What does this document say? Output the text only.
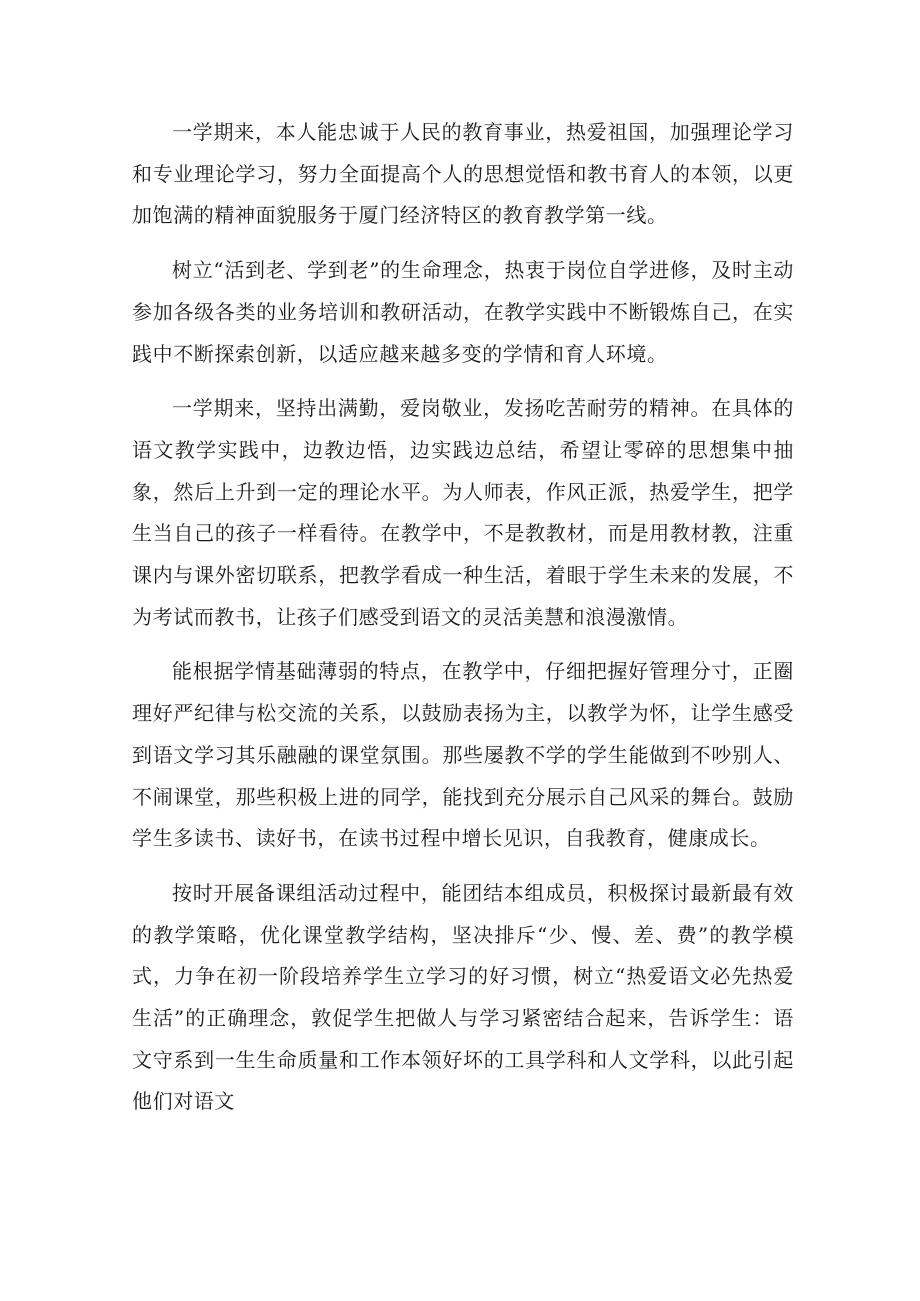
一学期来，本人能忠诚于人民的教育事业，热爱祖国，加强理论学习和专业理论学习，努力全面提高个人的思想觉悟和教书育人的本领，以更加饱满的精神面貌服务于厦门经济特区的教育教学第一线。

树立“活到老、学到老”的生命理念，热衷于岗位自学进修，及时主动参加各级各类的业务培训和教研活动，在教学实践中不断锻炼自己，在实践中不断探索创新，以适应越来越多变的学情和育人环境。

一学期来，坚持出满勤，爱岗敬业，发扬吃苦耐劳的精神。在具体的语文教学实践中，边教边悟，边实践边总结，希望让零碎的思想集中抽象，然后上升到一定的理论水平。为人师表，作风正派，热爱学生，把学生当自己的孩子一样看待。在教学中，不是教教材，而是用教材教，注重课内与课外密切联系，把教学看成一种生活，着眼于学生未来的发展，不为考试而教书，让孩子们感受到语文的灵活美慧和浪漫激情。

能根据学情基础薄弱的特点，在教学中，仔细把握好管理分寸，正圈理好严纪律与松交流的关系，以鼓励表扬为主，以教学为怀，让学生感受到语文学习其乐融融的课堂氛围。那些屡教不学的学生能做到不吵别人、不闹课堂，那些积极上进的同学，能找到充分展示自己风采的舞台。鼓励学生多读书、读好书，在读书过程中增长见识，自我教育，健康成长。

按时开展备课组活动过程中，能团结本组成员，积极探讨最新最有效的教学策略，优化课堂教学结构，坚决排斥“少、慢、差、费”的教学模式，力争在初一阶段培养学生立学习的好习惯，树立“热爱语文必先热爱生活”的正确理念，敦促学生把做人与学习紧密结合起来，告诉学生：语文守系到一生生命质量和工作本领好坏的工具学科和人文学科，以此引起他们对语文
